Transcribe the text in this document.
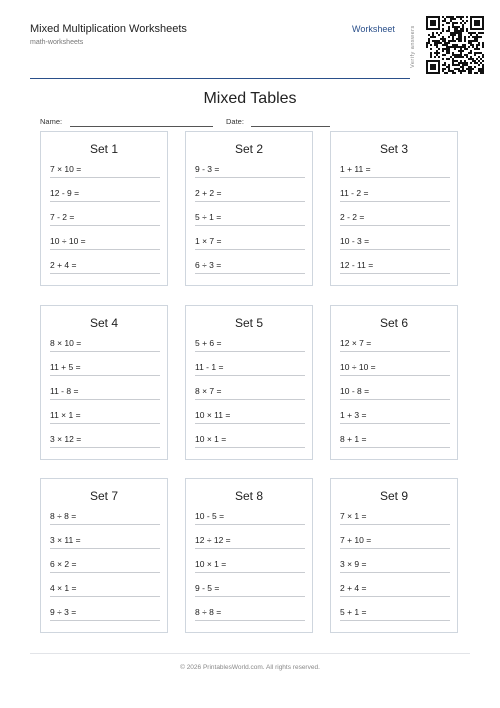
Mixed Multiplication Worksheets
math-worksheets
Worksheet	Verify answers
Mixed Tables
Name:	Date:
Set 1
7 × 10 =
12 - 9 =
7 - 2 =
10 ÷ 10 =
2 + 4 =
Set 2
9 - 3 =
2 + 2 =
5 ÷ 1 =
1 × 7 =
6 ÷ 3 =
Set 3
1 + 11 =
11 - 2 =
2 - 2 =
10 - 3 =
12 - 11 =
Set 4
8 × 10 =
11 + 5 =
11 - 8 =
11 × 1 =
3 × 12 =
Set 5
5 + 6 =
11 - 1 =
8 × 7 =
10 × 11 =
10 × 1 =
Set 6
12 × 7 =
10 ÷ 10 =
10 - 8 =
1 + 3 =
8 + 1 =
Set 7
8 ÷ 8 =
3 × 11 =
6 × 2 =
4 × 1 =
9 ÷ 3 =
Set 8
10 - 5 =
12 ÷ 12 =
10 × 1 =
9 - 5 =
8 ÷ 8 =
Set 9
7 × 1 =
7 + 10 =
3 × 9 =
2 + 4 =
5 + 1 =
© 2026 PrintablesWorld.com. All rights reserved.
